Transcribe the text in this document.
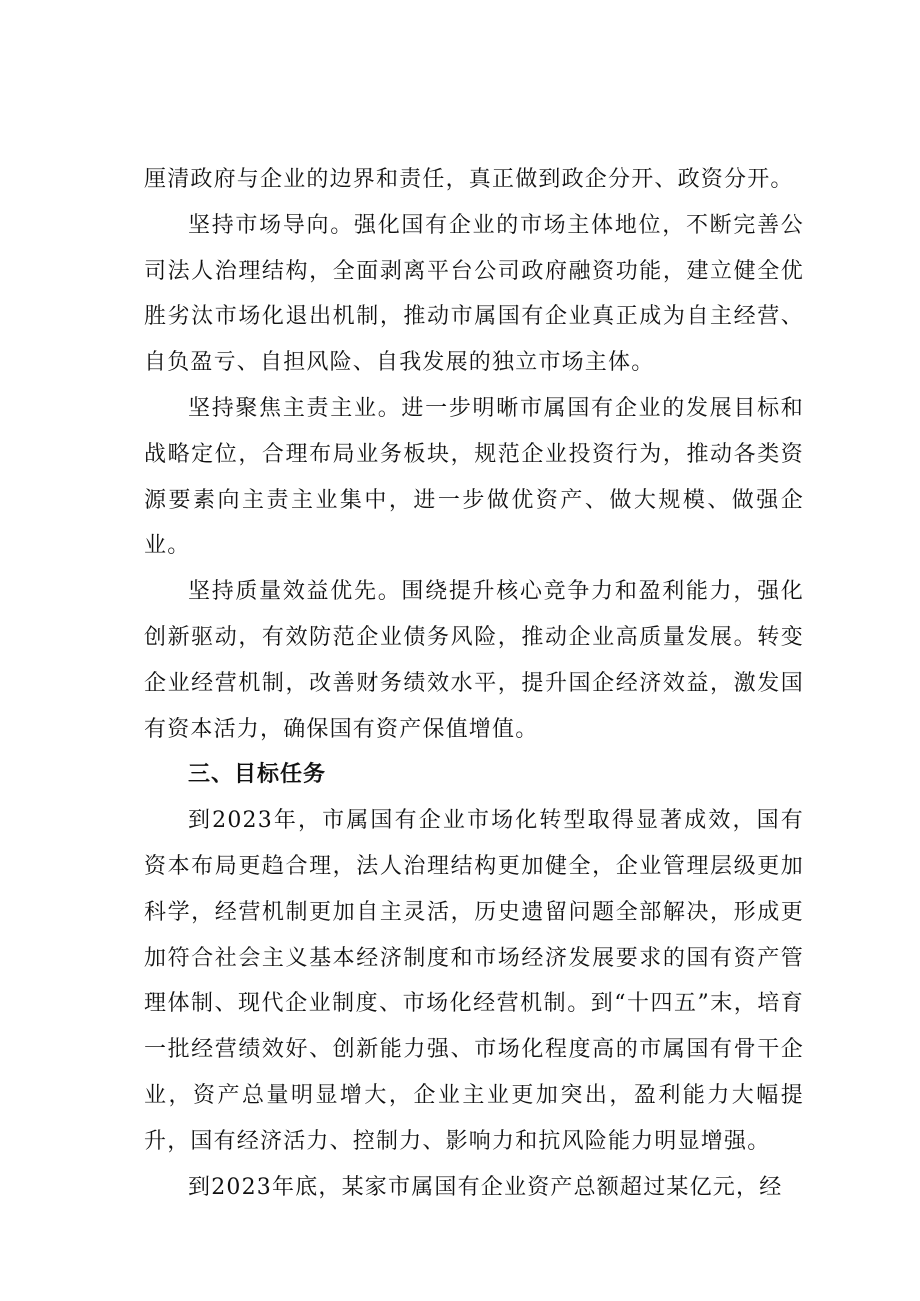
厘清政府与企业的边界和责任，真正做到政企分开、政资分开。

坚持市场导向。强化国有企业的市场主体地位，不断完善公司法人治理结构，全面剥离平台公司政府融资功能，建立健全优胜劣汰市场化退出机制，推动市属国有企业真正成为自主经营、自负盈亏、自担风险、自我发展的独立市场主体。

坚持聚焦主责主业。进一步明晰市属国有企业的发展目标和战略定位，合理布局业务板块，规范企业投资行为，推动各类资源要素向主责主业集中，进一步做优资产、做大规模、做强企业。

坚持质量效益优先。围绕提升核心竞争力和盈利能力，强化创新驱动，有效防范企业债务风险，推动企业高质量发展。转变企业经营机制，改善财务绩效水平，提升国企经济效益，激发国有资本活力，确保国有资产保值增值。

三、目标任务

到2023年，市属国有企业市场化转型取得显著成效，国有资本布局更趋合理，法人治理结构更加健全，企业管理层级更加科学，经营机制更加自主灵活，历史遗留问题全部解决，形成更加符合社会主义基本经济制度和市场经济发展要求的国有资产管理体制、现代企业制度、市场化经营机制。到“十四五”末，培育一批经营绩效好、创新能力强、市场化程度高的市属国有骨干企业，资产总量明显增大，企业主业更加突出，盈利能力大幅提升，国有经济活力、控制力、影响力和抗风险能力明显增强。

到2023年底，某家市属国有企业资产总额超过某亿元，经
